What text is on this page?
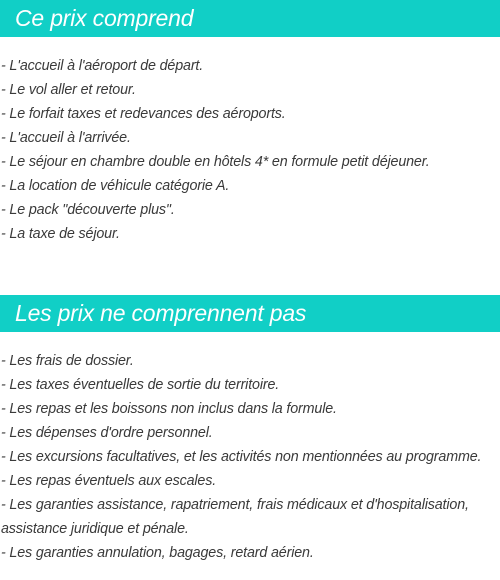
Ce prix comprend
- L'accueil à l'aéroport de départ.
- Le vol aller et retour.
- Le forfait taxes et redevances des aéroports.
- L'accueil à l'arrivée.
- Le séjour en chambre double en hôtels 4* en formule petit déjeuner.
- La location de véhicule catégorie A.
- Le pack "découverte plus".
- La taxe de séjour.
Les prix ne comprennent pas
- Les frais de dossier.
- Les taxes éventuelles de sortie du territoire.
- Les repas et les boissons non inclus dans la formule.
- Les dépenses d'ordre personnel.
- Les excursions facultatives, et les activités non mentionnées au programme.
- Les repas éventuels aux escales.
- Les garanties assistance, rapatriement, frais médicaux et d'hospitalisation, assistance juridique et pénale.
- Les garanties annulation, bagages, retard aérien.
